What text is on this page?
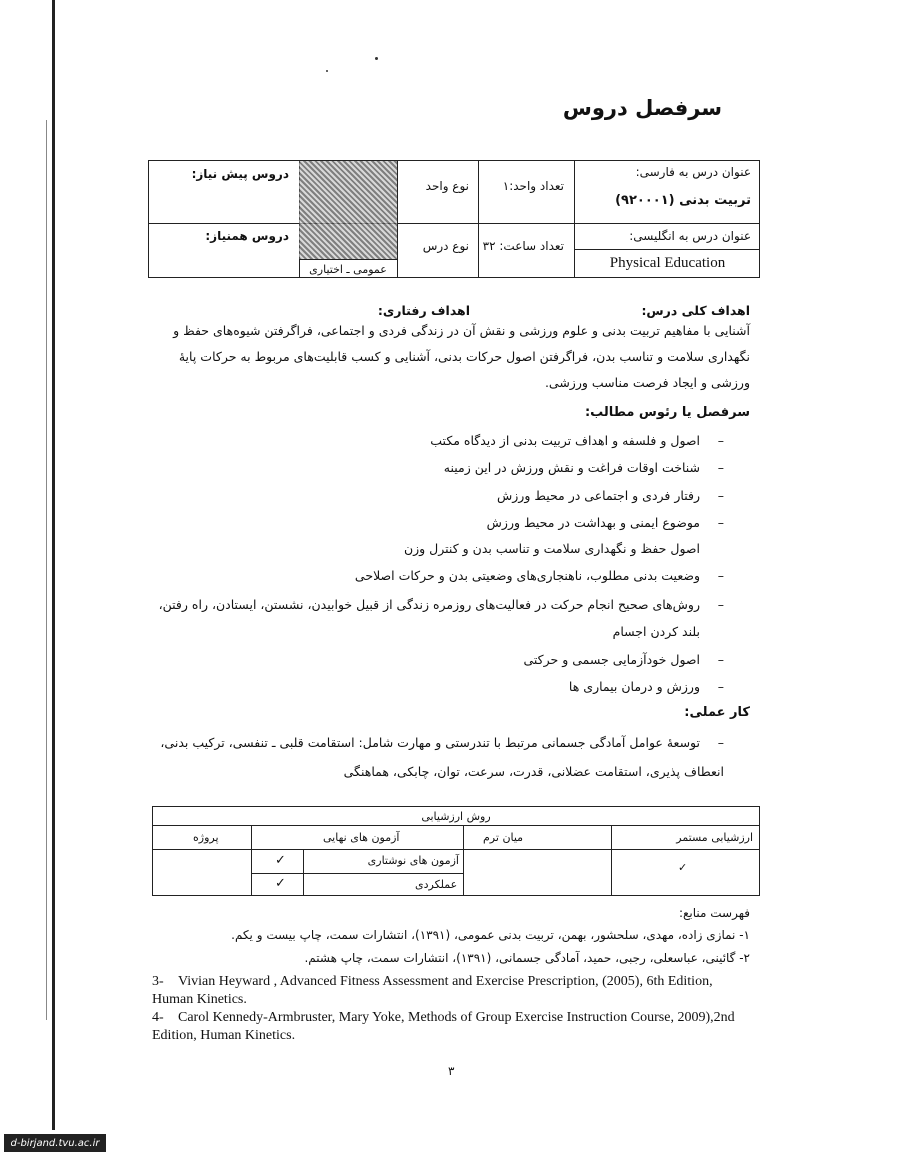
سرفصل دروس
عنوان درس به فارسی:
تربیت بدنی (۹۲۰۰۰۱)
عنوان درس به انگلیسی:
Physical Education
تعداد واحد:۱
تعداد ساعت: ۳۲
نوع واحد
نوع درس
عمومی ـ اختیاری
دروس پیش نیاز:
دروس همنیاز:
اهداف کلی درس:
اهداف رفتاری:
آشنایی با مفاهیم تربیت بدنی و علوم ورزشی و نقش آن در زندگی فردی و اجتماعی، فراگرفتن شیوه‌های حفظ و
نگهداری سلامت و تناسب بدن، فراگرفتن اصول حرکات بدنی، آشنایی و کسب قابلیت‌های مربوط به حرکات پایهٔ
ورزشی و ایجاد فرصت مناسب ورزشی.
سرفصل یا رئوس مطالب:
–اصول و فلسفه و اهداف تربیت بدنی از دیدگاه مکتب
–شناخت اوقات فراغت و نقش ورزش در این زمینه
–رفتار فردی و اجتماعی در محیط ورزش
–موضوع ایمنی و بهداشت در محیط ورزش
اصول حفظ و نگهداری سلامت و تناسب بدن و کنترل وزن
–وضعیت بدنی مطلوب، ناهنجاری‌های وضعیتی بدن و حرکات اصلاحی
–روش‌های صحیح انجام حرکت در فعالیت‌های روزمره زندگی از قبیل خوابیدن، نشستن، ایستادن، راه رفتن،
بلند کردن اجسام
–اصول خودآزمایی جسمی و حرکتی
–ورزش و درمان بیماری ها
کار عملی:
–توسعهٔ عوامل آمادگی جسمانی مرتبط با تندرستی و مهارت شامل: استقامت قلبی ـ تنفسی، ترکیب بدنی،
انعطاف پذیری، استقامت عضلانی، قدرت، سرعت، توان، چابکی، هماهنگی
روش ارزشیابی
ارزشیابی مستمر
میان ترم
آزمون های نهایی
پروژه
✓
آزمون های نوشتاری
✓
عملکردی
✓
فهرست منابع:
۱- نمازی زاده، مهدی، سلحشور، بهمن، تربیت بدنی عمومی، (۱۳۹۱)، انتشارات سمت، چاپ بیست و یکم.
۲- گائینی، عباسعلی، رجبی، حمید، آمادگی جسمانی، (۱۳۹۱)، انتشارات سمت، چاپ هشتم.
3- Vivian Heyward , Advanced Fitness Assessment and Exercise Prescription, (2005), 6th Edition, Human Kinetics.
4- Carol Kennedy-Armbruster, Mary Yoke, Methods of Group Exercise Instruction Course, 2009),2nd Edition, Human Kinetics.
۳
d-birjand.tvu.ac.ir
